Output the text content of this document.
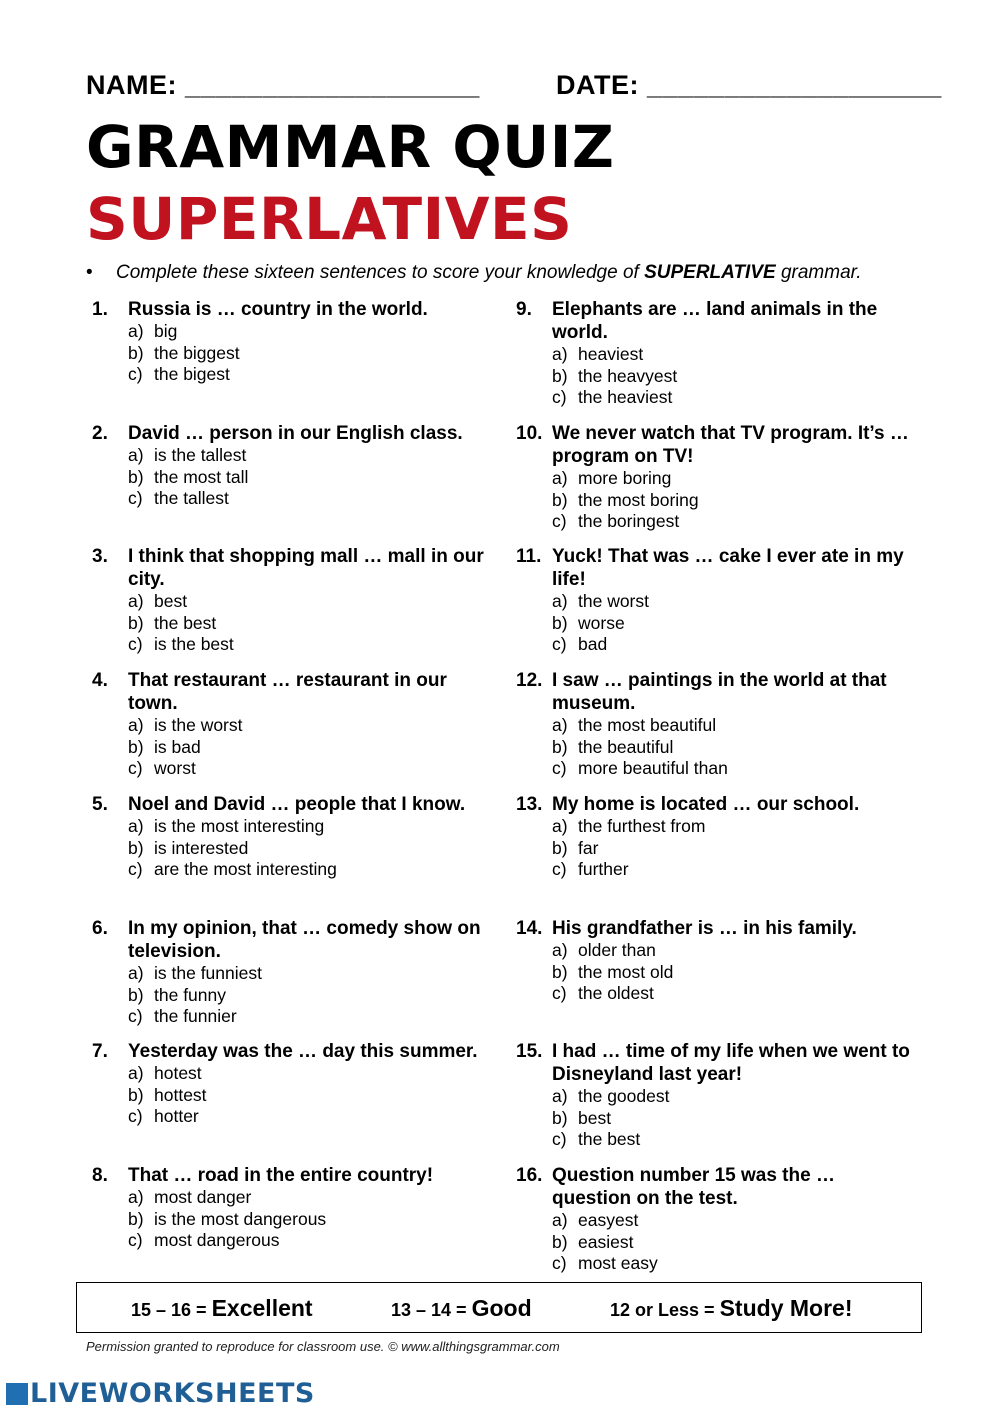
NAME: ___________________	DATE: ___________________
GRAMMAR QUIZ
SUPERLATIVES
• Complete these sixteen sentences to score your knowledge of SUPERLATIVE grammar.
1.	Russia is … country in the world.
a) big
b) the biggest
c) the bigest
2.	David … person in our English class.
a) is the tallest
b) the most tall
c) the tallest
3.	I think that shopping mall … mall in our city.
a) best
b) the best
c) is the best
4.	That restaurant … restaurant in our town.
a) is the worst
b) is bad
c) worst
5.	Noel and David … people that I know.
a) is the most interesting
b) is interested
c) are the most interesting
6.	In my opinion, that … comedy show on television.
a) is the funniest
b) the funny
c) the funnier
7.	Yesterday was the … day this summer.
a) hotest
b) hottest
c) hotter
8.	That … road in the entire country!
a) most danger
b) is the most dangerous
c) most dangerous
9.	Elephants are … land animals in the world.
a) heaviest
b) the heavyest
c) the heaviest
10. We never watch that TV program. It’s … program on TV!
a) more boring
b) the most boring
c) the boringest
11. Yuck! That was … cake I ever ate in my life!
a) the worst
b) worse
c) bad
12. I saw … paintings in the world at that museum.
a) the most beautiful
b) the beautiful
c) more beautiful than
13. My home is located … our school.
a) the furthest from
b) far
c) further
14. His grandfather is … in his family.
a) older than
b) the most old
c) the oldest
15. I had … time of my life when we went to Disneyland last year!
a) the goodest
b) best
c) the best
16. Question number 15 was the … question on the test.
a) easyest
b) easiest
c) most easy
15 – 16 = Excellent	13 – 14 = Good	12 or Less = Study More!
Permission granted to reproduce for classroom use. © www.allthingsgrammar.com
LIVEWORKSHEETS
